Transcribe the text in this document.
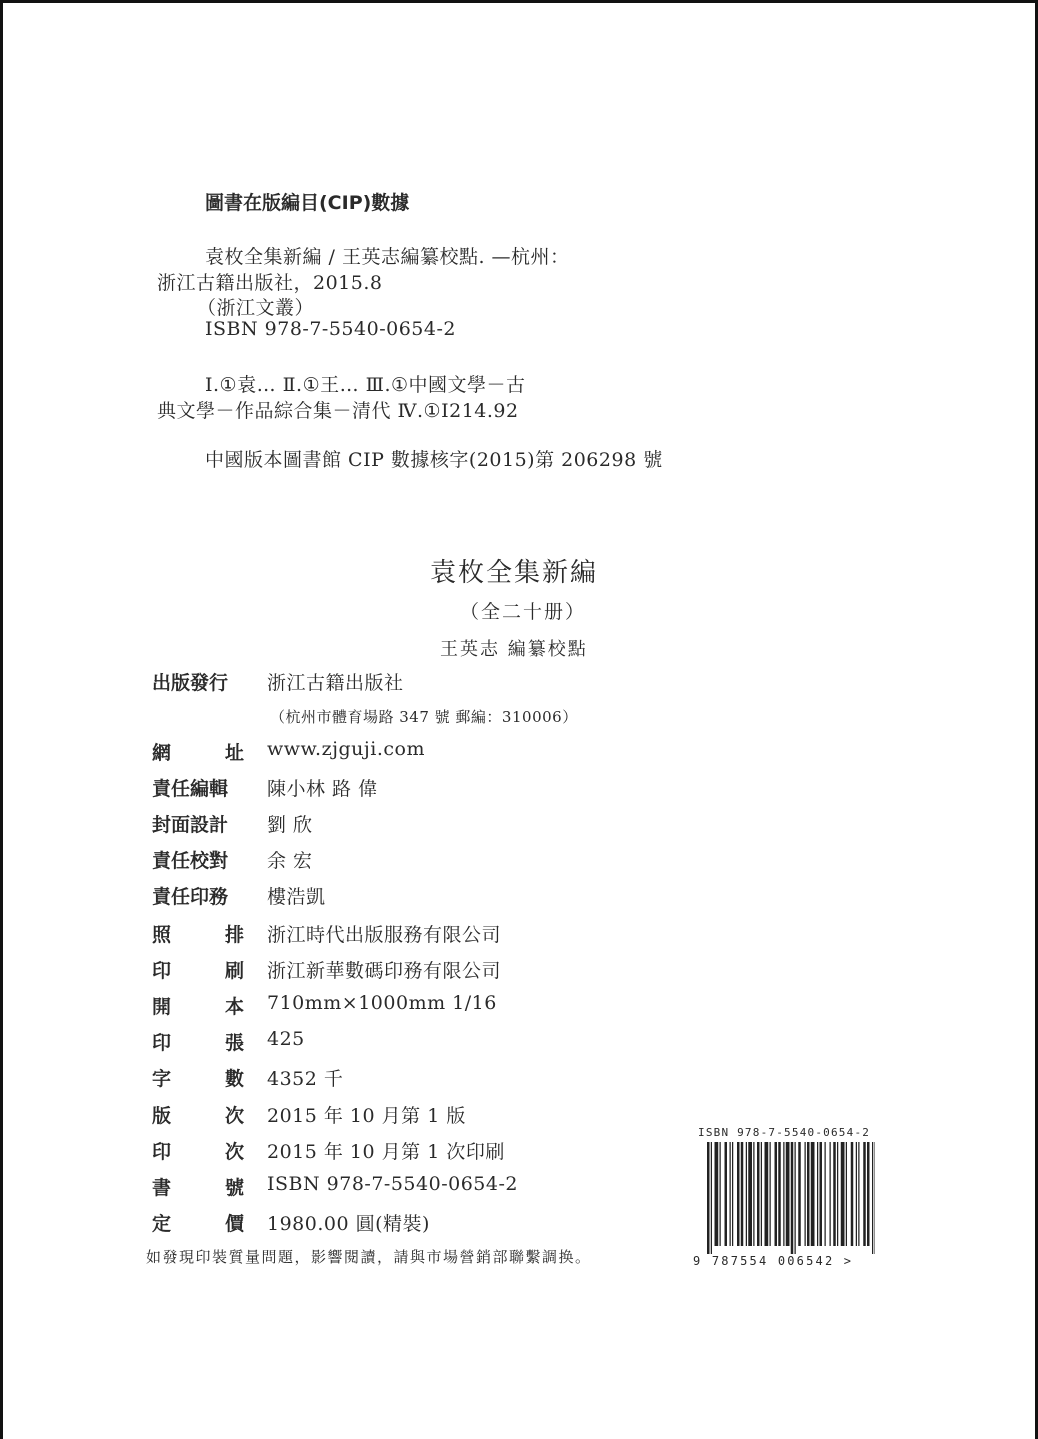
圖書在版編目(CIP)數據
袁枚全集新編 / 王英志編纂校點. —杭州：
浙江古籍出版社，2015.8
（浙江文叢）
ISBN 978-7-5540-0654-2
Ⅰ.①袁… Ⅱ.①王… Ⅲ.①中國文學－古
典文學－作品綜合集－清代 Ⅳ.①I214.92
中國版本圖書館 CIP 數據核字(2015)第 206298 號
袁枚全集新編
（全二十册）
王英志 編纂校點
出版發行	浙江古籍出版社
（杭州市體育場路 347 號 郵編：310006）
網	址 www.zjguji.com
責任編輯	陳小林 路 偉
封面設計	劉 欣
責任校對	余 宏
責任印務	樓浩凱
照	排 浙江時代出版服務有限公司
印	刷 浙江新華數碼印務有限公司
開	本 710mm×1000mm 1/16
印	張 425
字	數 4352 千
版	次 2015 年 10 月第 1 版
印	次 2015 年 10 月第 1 次印刷
書	號 ISBN 978-7-5540-0654-2
定	價 1980.00 圓(精裝)
如發現印裝質量問題，影響閱讀，請與市場營銷部聯繫調换。
ISBN 978-7-5540-0654-2
9 787554 006542 >
